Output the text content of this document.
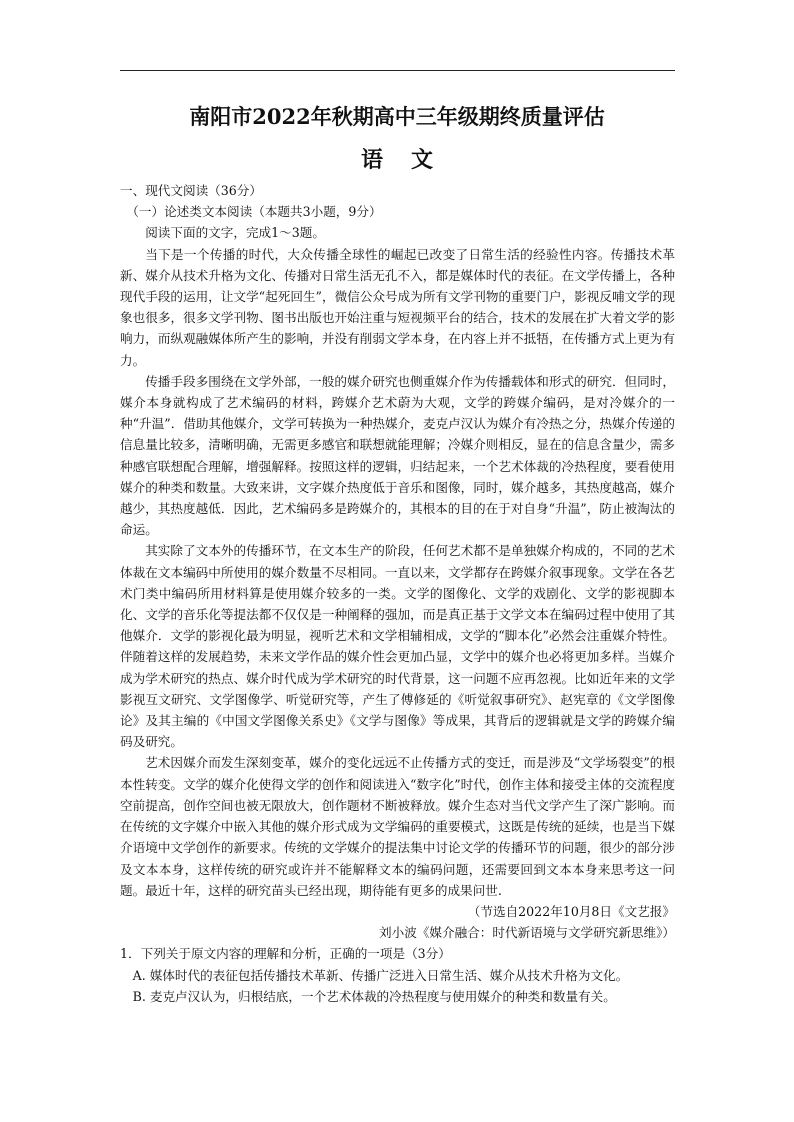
南阳市2022年秋期高中三年级期终质量评估
语文

一、现代文阅读（36分）

（一）论述类文本阅读（本题共3小题，9分）

阅读下面的文字，完成1～3题。

当下是一个传播的时代，大众传播全球性的崛起已改变了日常生活的经验性内容。传播技术革新、媒介从技术升格为文化、传播对日常生活无孔不入，都是媒体时代的表征。在文学传播上，各种现代手段的运用，让文学“起死回生”，微信公众号成为所有文学刊物的重要门户，影视反哺文学的现象也很多，很多文学刊物、图书出版也开始注重与短视频平台的结合，技术的发展在扩大着文学的影响力，而纵观融媒体所产生的影响，并没有削弱文学本身，在内容上并不抵牾，在传播方式上更为有力。

传播手段多围绕在文学外部，一般的媒介研究也侧重媒介作为传播载体和形式的研究．但同时，媒介本身就构成了艺术编码的材料，跨媒介艺术蔚为大观，文学的跨媒介编码，是对冷媒介的一种“升温”．借助其他媒介，文学可转换为一种热媒介，麦克卢汉认为媒介有冷热之分，热媒介传递的信息量比较多，清晰明确，无需更多感官和联想就能理解；冷媒介则相反，显在的信息含量少，需多种感官联想配合理解，增强解释。按照这样的逻辑，归结起来，一个艺术体裁的冷热程度，要看使用媒介的种类和数量。大致来讲，文字媒介热度低于音乐和图像，同时，媒介越多，其热度越高，媒介越少，其热度越低．因此，艺术编码多是跨媒介的，其根本的目的在于对自身“升温”，防止被淘汰的命运。

其实除了文本外的传播环节，在文本生产的阶段，任何艺术都不是单独媒介构成的，不同的艺术体裁在文本编码中所使用的媒介数量不尽相同。一直以来，文学都存在跨媒介叙事现象。文学在各艺术门类中编码所用材料算是使用媒介较多的一类。文学的图像化、文学的戏剧化、文学的影视脚本化、文学的音乐化等提法都不仅仅是一种阐释的强加，而是真正基于文学文本在编码过程中使用了其他媒介．文学的影视化最为明显，视听艺术和文学相辅相成，文学的“脚本化”必然会注重媒介特性。伴随着这样的发展趋势，未来文学作品的媒介性会更加凸显，文学中的媒介也必将更加多样。当媒介成为学术研究的热点、媒介时代成为学术研究的时代背景，这一问题不应再忽视。比如近年来的文学影视互文研究、文学图像学、听觉研究等，产生了傅修延的《听觉叙事研究》、赵宪章的《文学图像论》及其主编的《中国文学图像关系史》《文学与图像》等成果，其背后的逻辑就是文学的跨媒介编码及研究。

艺术因媒介而发生深刻变革，媒介的变化远远不止传播方式的变迁，而是涉及“文学场裂变”的根本性转变。文学的媒介化使得文学的创作和阅读进入“数字化”时代，创作主体和接受主体的交流程度空前提高，创作空间也被无限放大，创作题材不断被释放。媒介生态对当代文学产生了深广影响。而在传统的文字媒介中嵌入其他的媒介形式成为文学编码的重要模式，这既是传统的延续，也是当下媒介语境中文学创作的新要求。传统的文学媒介的提法集中讨论文学的传播环节的问题，很少的部分涉及文本本身，这样传统的研究或许并不能解释文本的编码问题，还需要回到文本本身来思考这一问题。最近十年，这样的研究苗头已经出现，期待能有更多的成果问世.

（节选自2022年10月8日《文艺报》
刘小波《媒介融合：时代新语境与文学研究新思维》）

1．下列关于原文内容的理解和分析，正确的一项是（3分）

A. 媒体时代的表征包括传播技术革新、传播广泛进入日常生活、媒介从技术升格为文化。

B. 麦克卢汉认为，归根结底，一个艺术体裁的冷热程度与使用媒介的种类和数量有关。
